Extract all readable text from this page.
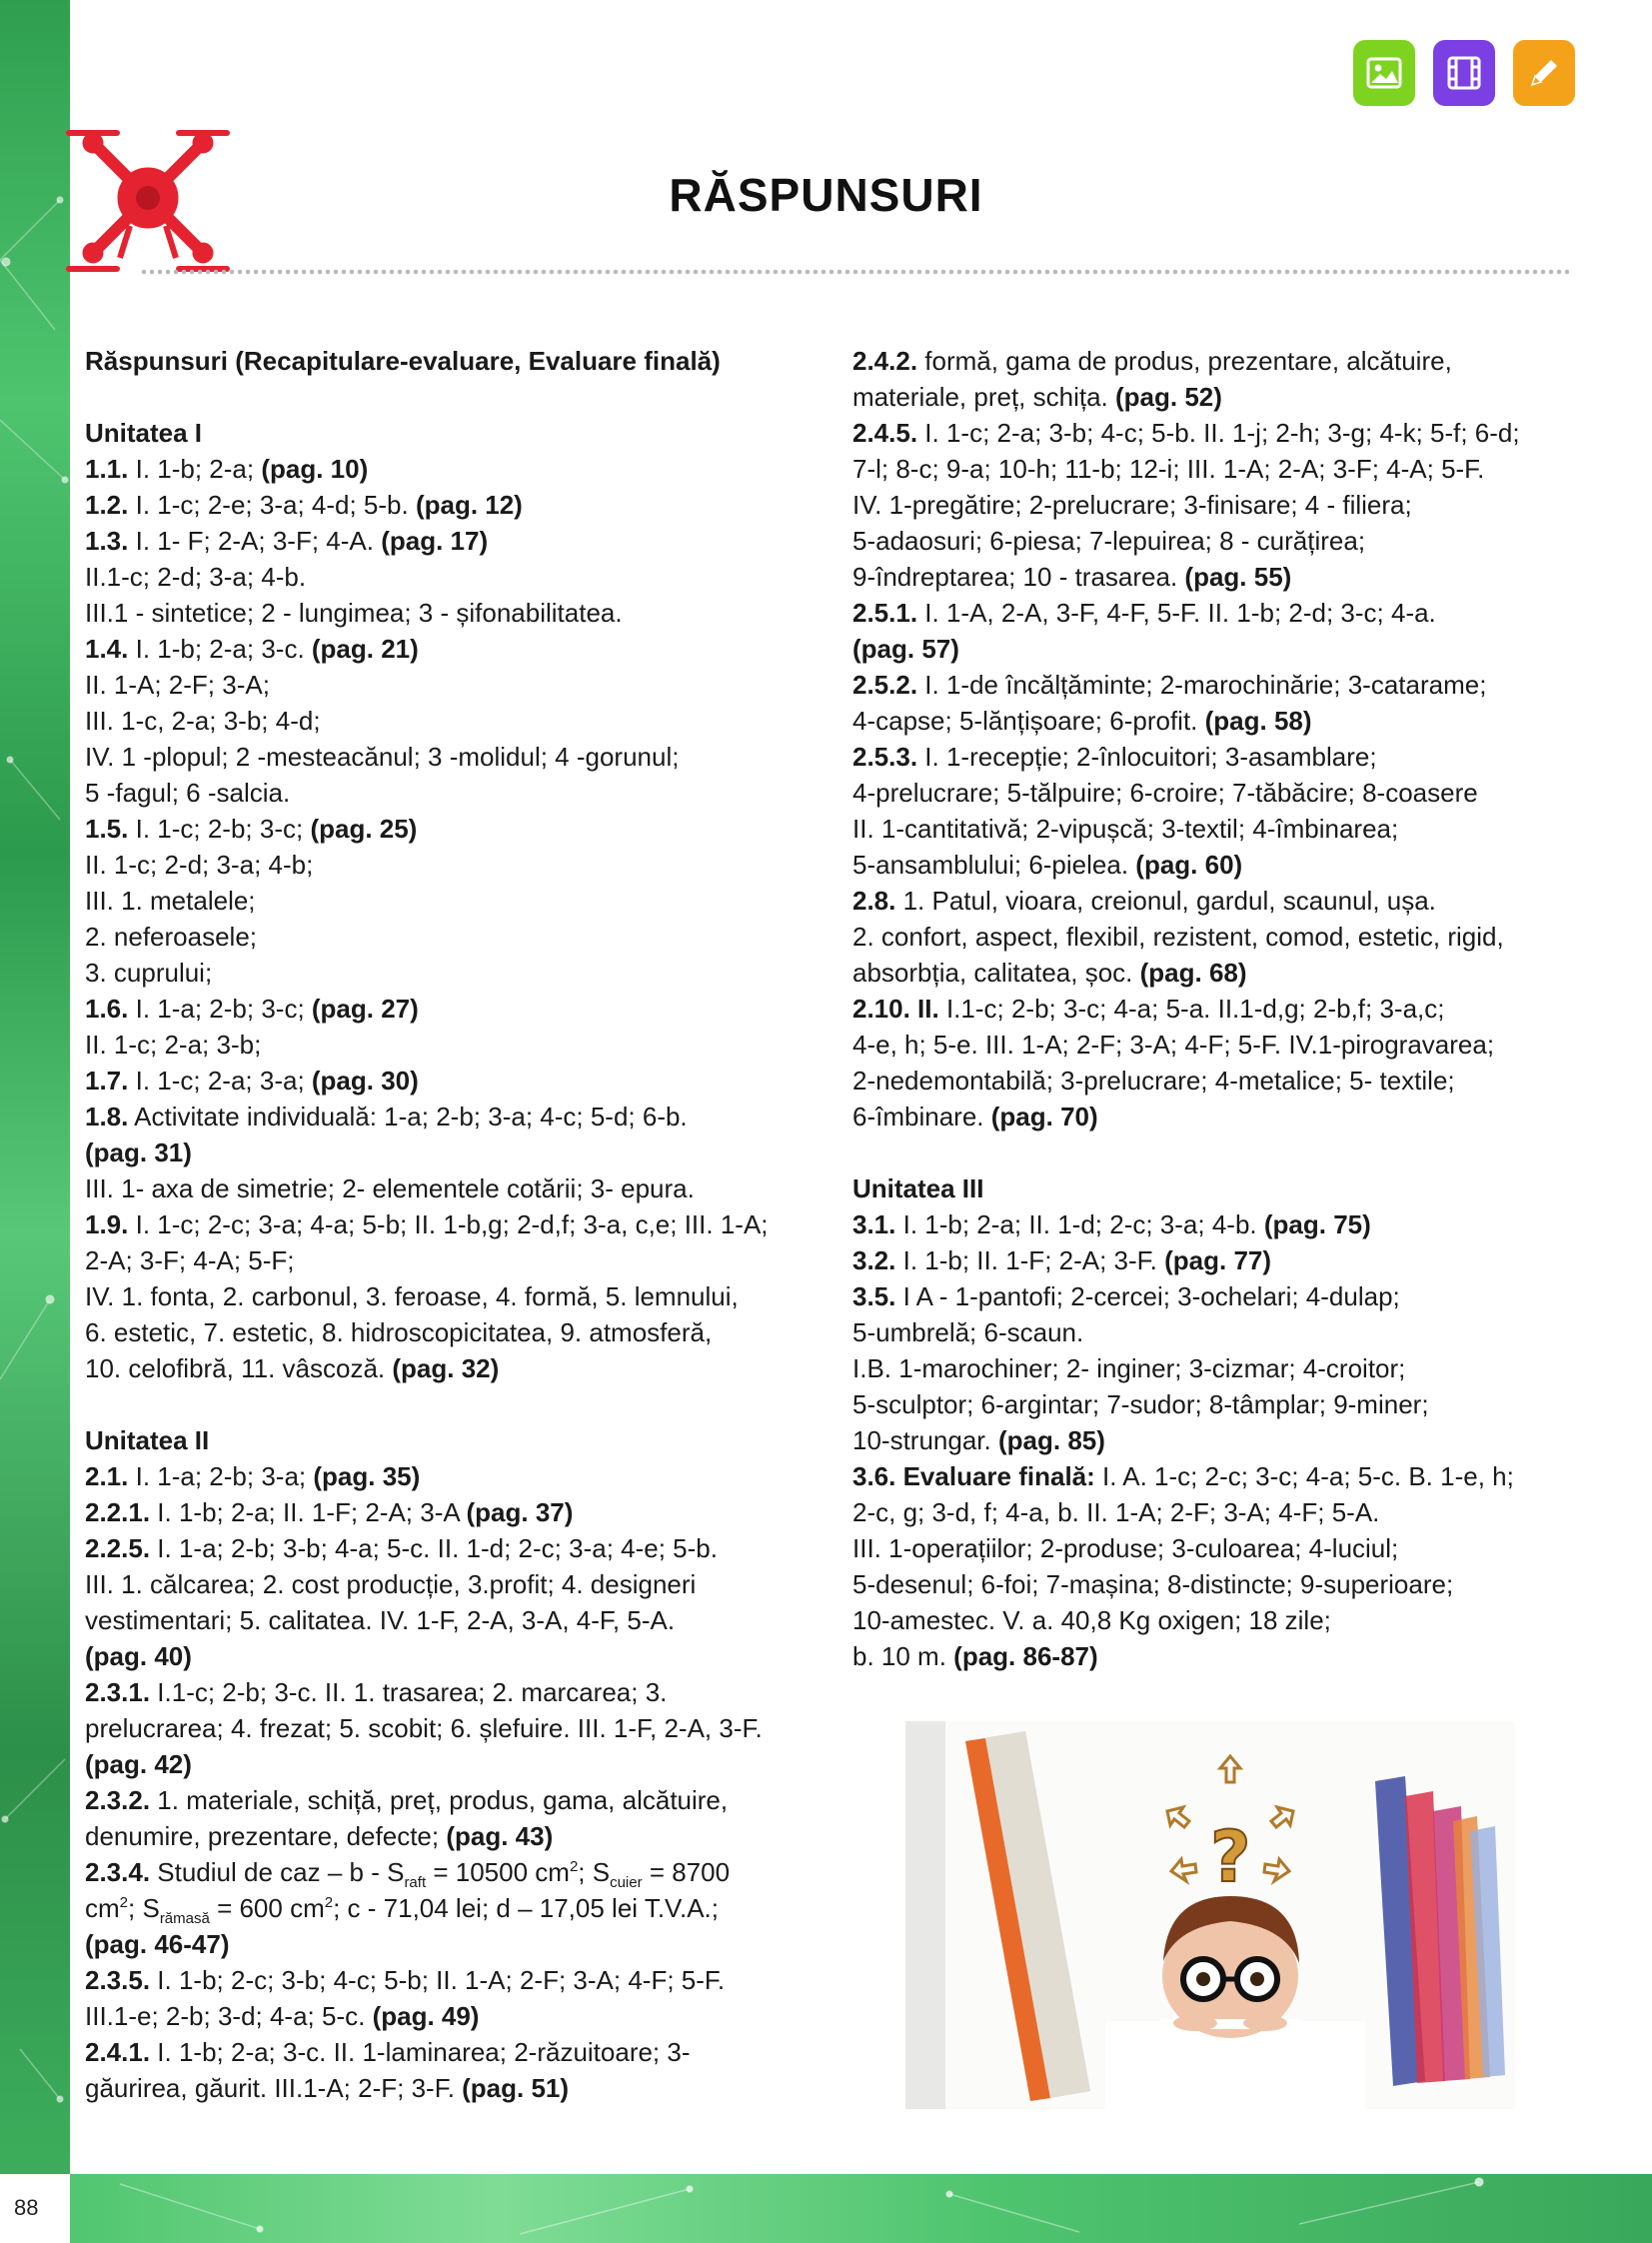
88
RĂSPUNSURI
Răspunsuri (Recapitulare-evaluare, Evaluare finală)
Unitatea I
1.1. I. 1-b; 2-a; (pag. 10)
1.2. I. 1-c; 2-e; 3-a; 4-d; 5-b. (pag. 12)
1.3. I. 1- F; 2-A; 3-F; 4-A. (pag. 17)
II.1-c; 2-d; 3-a; 4-b.
III.1 - sintetice; 2 - lungimea; 3 - șifonabilitatea.
1.4. I. 1-b; 2-a; 3-c. (pag. 21)
II. 1-A; 2-F; 3-A;
III. 1-c, 2-a; 3-b; 4-d;
IV. 1 -plopul; 2 -mesteacănul; 3 -molidul; 4 -gorunul;
5 -fagul; 6 -salcia.
1.5. I. 1-c; 2-b; 3-c; (pag. 25)
II. 1-c; 2-d; 3-a; 4-b;
III. 1. metalele;
2. neferoasele;
3. cuprului;
1.6. I. 1-a; 2-b; 3-c; (pag. 27)
II. 1-c; 2-a; 3-b;
1.7. I. 1-c; 2-a; 3-a; (pag. 30)
1.8. Activitate individuală: 1-a; 2-b; 3-a; 4-c; 5-d; 6-b.
(pag. 31)
III. 1- axa de simetrie; 2- elementele cotării; 3- epura.
1.9. I. 1-c; 2-c; 3-a; 4-a; 5-b; II. 1-b,g; 2-d,f; 3-a, c,e; III. 1-A;
2-A; 3-F; 4-A; 5-F;
IV. 1. fonta, 2. carbonul, 3. feroase, 4. formă, 5. lemnului,
6. estetic, 7. estetic, 8. hidroscopicitatea, 9. atmosferă,
10. celofibră, 11. vâscoză. (pag. 32)
Unitatea II
2.1. I. 1-a; 2-b; 3-a; (pag. 35)
2.2.1. I. 1-b; 2-a; II. 1-F; 2-A; 3-A (pag. 37)
2.2.5. I. 1-a; 2-b; 3-b; 4-a; 5-c. II. 1-d; 2-c; 3-a; 4-e; 5-b.
III. 1. călcarea; 2. cost producție, 3.profit; 4. designeri
vestimentari; 5. calitatea. IV. 1-F, 2-A, 3-A, 4-F, 5-A.
(pag. 40)
2.3.1. I.1-c; 2-b; 3-c. II. 1. trasarea; 2. marcarea; 3.
prelucrarea; 4. frezat; 5. scobit; 6. șlefuire. III. 1-F, 2-A, 3-F.
(pag. 42)
2.3.2. 1. materiale, schiță, preț, produs, gama, alcătuire,
denumire, prezentare, defecte; (pag. 43)
2.3.4. Studiul de caz – $b - S_{raft} = 10500$ $cm^2$; $S_{cuier} = 8700$
$cm^2$; $S_{rămasă} = 600$ $cm^2$; c - 71,04 lei; d – 17,05 lei T.V.A.;
(pag. 46-47)
2.3.5. I. 1-b; 2-c; 3-b; 4-c; 5-b; II. 1-A; 2-F; 3-A; 4-F; 5-F.
III.1-e; 2-b; 3-d; 4-a; 5-c. (pag. 49)
2.4.1. I. 1-b; 2-a; 3-c. II. 1-laminarea; 2-răzuitoare; 3-
găurirea, găurit. III.1-A; 2-F; 3-F. (pag. 51)
2.4.2. formă, gama de produs, prezentare, alcătuire,
materiale, preț, schița. (pag. 52)
2.4.5. I. 1-c; 2-a; 3-b; 4-c; 5-b. II. 1-j; 2-h; 3-g; 4-k; 5-f; 6-d;
7-l; 8-c; 9-a; 10-h; 11-b; 12-i; III. 1-A; 2-A; 3-F; 4-A; 5-F.
IV. 1-pregătire; 2-prelucrare; 3-finisare; 4 - filiera;
5-adaosuri; 6-piesa; 7-lepuirea; 8 - curățirea;
9-îndreptarea; 10 - trasarea. (pag. 55)
2.5.1. I. 1-A, 2-A, 3-F, 4-F, 5-F. II. 1-b; 2-d; 3-c; 4-a.
(pag. 57)
2.5.2. I. 1-de încălțăminte; 2-marochinărie; 3-catarame;
4-capse; 5-lănțișoare; 6-profit. (pag. 58)
2.5.3. I. 1-recepție; 2-înlocuitori; 3-asamblare;
4-prelucrare; 5-tălpuire; 6-croire; 7-tăbăcire; 8-coasere
II. 1-cantitativă; 2-vipușcă; 3-textil; 4-îmbinarea;
5-ansamblului; 6-pielea. (pag. 60)
2.8. 1. Patul, vioara, creionul, gardul, scaunul, ușa.
2. confort, aspect, flexibil, rezistent, comod, estetic, rigid,
absorbția, calitatea, șoc. (pag. 68)
2.10. II. I.1-c; 2-b; 3-c; 4-a; 5-a. II.1-d,g; 2-b,f; 3-a,c;
4-e, h; 5-e. III. 1-A; 2-F; 3-A; 4-F; 5-F. IV.1-pirogravarea;
2-nedemontabilă; 3-prelucrare; 4-metalice; 5- textile;
6-îmbinare. (pag. 70)
Unitatea III
3.1. I. 1-b; 2-a; II. 1-d; 2-c; 3-a; 4-b. (pag. 75)
3.2. I. 1-b; II. 1-F; 2-A; 3-F. (pag. 77)
3.5. I A - 1-pantofi; 2-cercei; 3-ochelari; 4-dulap;
5-umbrelă; 6-scaun.
I.B. 1-marochiner; 2- inginer; 3-cizmar; 4-croitor;
5-sculptor; 6-argintar; 7-sudor; 8-tâmplar; 9-miner;
10-strungar. (pag. 85)
3.6. Evaluare finală: I. A. 1-c; 2-c; 3-c; 4-a; 5-c. B. 1-e, h;
2-c, g; 3-d, f; 4-a, b. II. 1-A; 2-F; 3-A; 4-F; 5-A.
III. 1-operațiilor; 2-produse; 3-culoarea; 4-luciul;
5-desenul; 6-foi; 7-mașina; 8-distincte; 9-superioare;
10-amestec. V. a. 40,8 Kg oxigen; 18 zile;
b. 10 m. (pag. 86-87)
?
